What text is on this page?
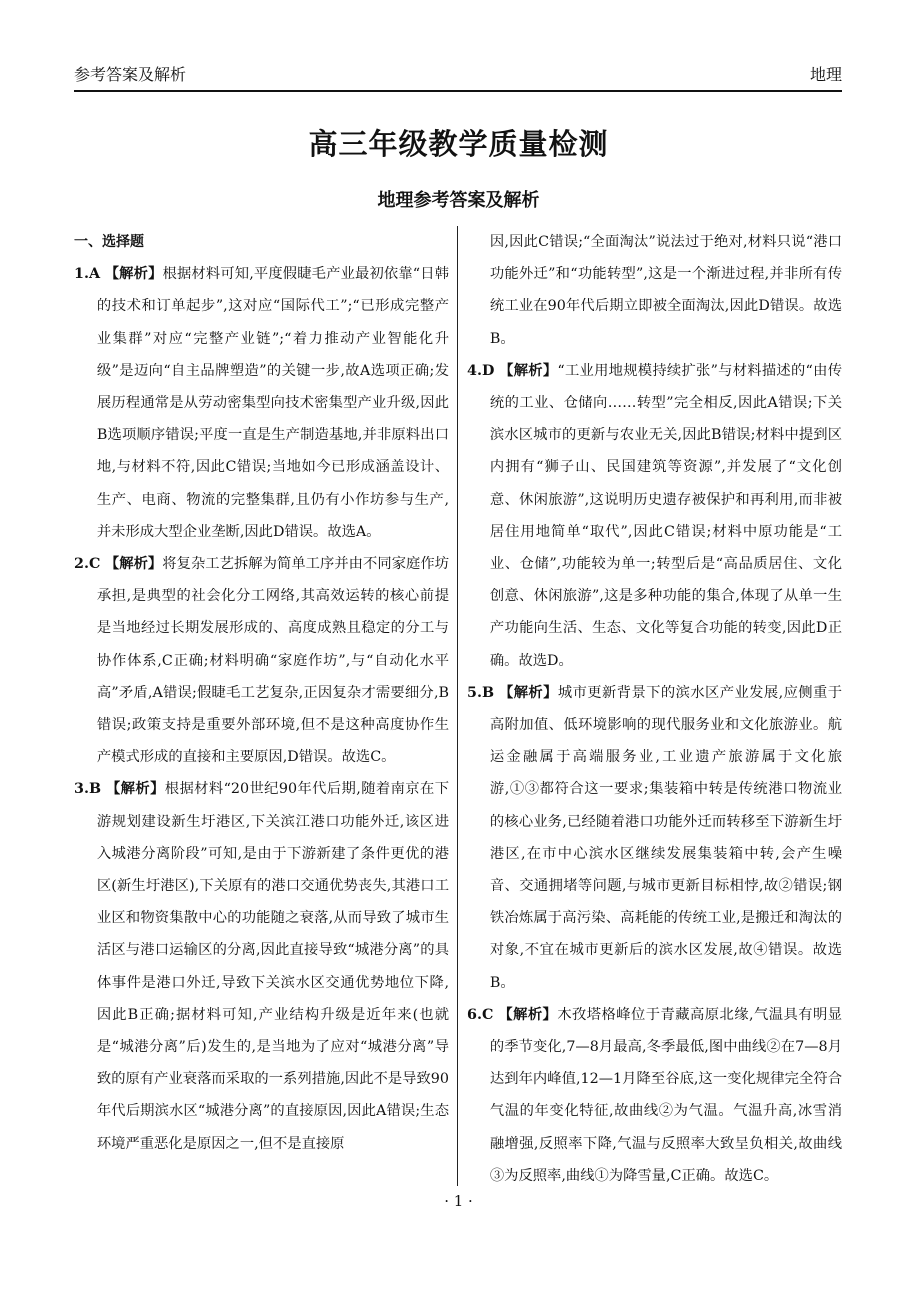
参考答案及解析	地理
高三年级教学质量检测
地理参考答案及解析
一、选择题

1.A 【解析】根据材料可知,平度假睫毛产业最初依靠“日韩的技术和订单起步”,这对应“国际代工”;“已形成完整产业集群”对应“完整产业链”;“着力推动产业智能化升级”是迈向“自主品牌塑造”的关键一步,故A选项正确;发展历程通常是从劳动密集型向技术密集型产业升级,因此B选项顺序错误;平度一直是生产制造基地,并非原料出口地,与材料不符,因此C错误;当地如今已形成涵盖设计、生产、电商、物流的完整集群,且仍有小作坊参与生产,并未形成大型企业垄断,因此D错误。故选A。

2.C 【解析】将复杂工艺拆解为简单工序并由不同家庭作坊承担,是典型的社会化分工网络,其高效运转的核心前提是当地经过长期发展形成的、高度成熟且稳定的分工与协作体系,C正确;材料明确“家庭作坊”,与“自动化水平高”矛盾,A错误;假睫毛工艺复杂,正因复杂才需要细分,B错误;政策支持是重要外部环境,但不是这种高度协作生产模式形成的直接和主要原因,D错误。故选C。

3.B 【解析】根据材料“20世纪90年代后期,随着南京在下游规划建设新生圩港区,下关滨江港口功能外迁,该区进入城港分离阶段”可知,是由于下游新建了条件更优的港区(新生圩港区),下关原有的港口交通优势丧失,其港口工业区和物资集散中心的功能随之衰落,从而导致了城市生活区与港口运输区的分离,因此直接导致“城港分离”的具体事件是港口外迁,导致下关滨水区交通优势地位下降,因此B正确;据材料可知,产业结构升级是近年来(也就是“城港分离”后)发生的,是当地为了应对“城港分离”导致的原有产业衰落而采取的一系列措施,因此不是导致90年代后期滨水区“城港分离”的直接原因,因此A错误;生态环境严重恶化是原因之一,但不是直接原

因,因此C错误;“全面淘汰”说法过于绝对,材料只说“港口功能外迁”和“功能转型”,这是一个渐进过程,并非所有传统工业在90年代后期立即被全面淘汰,因此D错误。故选B。

4.D 【解析】“工业用地规模持续扩张”与材料描述的“由传统的工业、仓储向……转型”完全相反,因此A错误;下关滨水区城市的更新与农业无关,因此B错误;材料中提到区内拥有“狮子山、民国建筑等资源”,并发展了“文化创意、休闲旅游”,这说明历史遗存被保护和再利用,而非被居住用地简单“取代”,因此C错误;材料中原功能是“工业、仓储”,功能较为单一;转型后是“高品质居住、文化创意、休闲旅游”,这是多种功能的集合,体现了从单一生产功能向生活、生态、文化等复合功能的转变,因此D正确。故选D。

5.B 【解析】城市更新背景下的滨水区产业发展,应侧重于高附加值、低环境影响的现代服务业和文化旅游业。航运金融属于高端服务业,工业遗产旅游属于文化旅游,①③都符合这一要求;集装箱中转是传统港口物流业的核心业务,已经随着港口功能外迁而转移至下游新生圩港区,在市中心滨水区继续发展集装箱中转,会产生噪音、交通拥堵等问题,与城市更新目标相悖,故②错误;钢铁冶炼属于高污染、高耗能的传统工业,是搬迁和淘汰的对象,不宜在城市更新后的滨水区发展,故④错误。故选B。

6.C 【解析】木孜塔格峰位于青藏高原北缘,气温具有明显的季节变化,7—8月最高,冬季最低,图中曲线②在7—8月达到年内峰值,12—1月降至谷底,这一变化规律完全符合气温的年变化特征,故曲线②为气温。气温升高,冰雪消融增强,反照率下降,气温与反照率大致呈负相关,故曲线③为反照率,曲线①为降雪量,C正确。故选C。

· 1 ·
